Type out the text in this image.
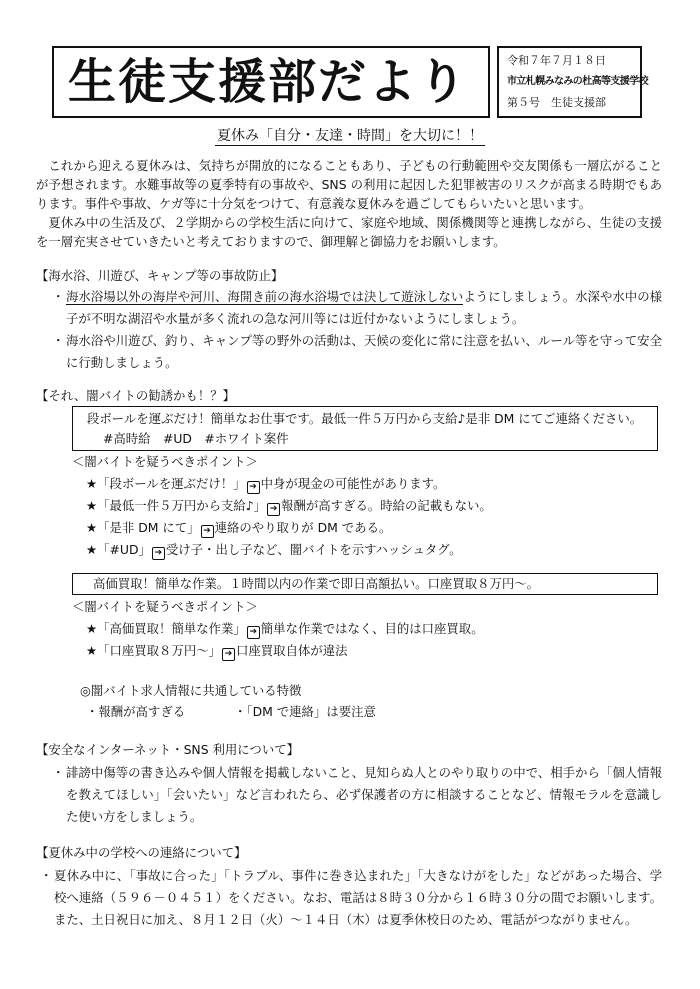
生徒支援部だより	令和７年７月１８日
市立札幌みなみの杜高等支援学校
第５号　生徒支援部
夏休み「自分・友達・時間」を大切に！！
これから迎える夏休みは、気持ちが開放的になることもあり、子どもの行動範囲や交友関係も一層広がることが予想されます。水難事故等の夏季特有の事故や、SNS の利用に起因した犯罪被害のリスクが高まる時期でもあります。事件や事故、ケガ等に十分気をつけて、有意義な夏休みを過ごしてもらいたいと思います。
夏休み中の生活及び、２学期からの学校生活に向けて、家庭や地域、関係機関等と連携しながら、生徒の支援を一層充実させていきたいと考えておりますので、御理解と御協力をお願いします。
【海水浴、川遊び、キャンプ等の事故防止】
・ 海水浴場以外の海岸や河川、海開き前の海水浴場では決して遊泳しないようにしましょう。水深や水中の様子が不明な湖沼や水量が多く流れの急な河川等には近付かないようにしましょう。
・ 海水浴や川遊び、釣り、キャンプ等の野外の活動は、天候の変化に常に注意を払い、ルール等を守って安全に行動しましょう。
【それ、闇バイトの勧誘かも！？】
段ボールを運ぶだけ！簡単なお仕事です。最低一件５万円から支給♪是非 DM にてご連絡ください。
#高時給　#UD　#ホワイト案件
＜闇バイトを疑うべきポイント＞
★「段ボールを運ぶだけ！」 ➔ 中身が現金の可能性があります。
★「最低一件５万円から支給♪」 ➔ 報酬が高すぎる。時給の記載もない。
★「是非 DM にて」 ➔ 連絡のやり取りが DM である。
★「#UD」 ➔ 受け子・出し子など、闇バイトを示すハッシュタグ。
高価買取！簡単な作業。１時間以内の作業で即日高額払い。口座買取８万円～。
＜闇バイトを疑うべきポイント＞
★「高価買取！簡単な作業」 ➔ 簡単な作業ではなく、目的は口座買取。
★「口座買取８万円～」 ➔ 口座買取自体が違法
◎闇バイト求人情報に共通している特徴
・報酬が高すぎる	・「DM で連絡」は要注意
【安全なインターネット・SNS 利用について】
・ 誹謗中傷等の書き込みや個人情報を掲載しないこと、見知らぬ人とのやり取りの中で、相手から「個人情報を教えてほしい」「会いたい」など言われたら、必ず保護者の方に相談することなど、情報モラルを意識した使い方をしましょう。
【夏休み中の学校への連絡について】
・ 夏休み中に、「事故に合った」「トラブル、事件に巻き込まれた」「大きなけがをした」などがあった場合、学校へ連絡（５９６－０４５１）をください。なお、電話は８時３０分から１６時３０分の間でお願いします。また、土日祝日に加え、８月１２日（火）～１４日（木）は夏季休校日のため、電話がつながりません。
